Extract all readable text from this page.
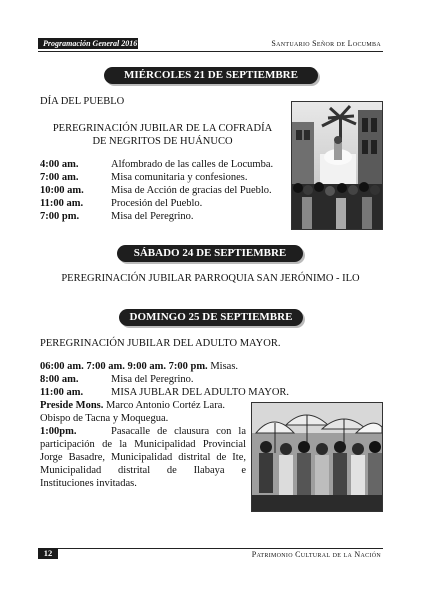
Programación General 2016	Santuario Señor de Locumba
MIÉRCOLES 21 DE SEPTIEMBRE
DÍA DEL PUEBLO
PEREGRINACIÓN JUBILAR DE LA COFRADÍA
DE NEGRITOS DE HUÁNUCO
4:00 am.	Alfombrado de las calles de Locumba.
7:00 am.	Misa comunitaria y confesiones.
10:00 am.	Misa de Acción de gracias del Pueblo.
11:00 am.	Procesión del Pueblo.
7:00 pm.	Misa del Peregrino.
SÁBADO 24 DE SEPTIEMBRE
PEREGRINACIÓN JUBILAR PARROQUIA SAN JERÓNIMO - ILO
DOMINGO 25 DE SEPTIEMBRE
PEREGRINACIÓN JUBILAR DEL ADULTO MAYOR.
06:00 am. 7:00 am. 9:00 am. 7:00 pm. Misas.
8:00 am.	Misa del Peregrino.
11:00 am.	MISA JUBLAR DEL ADULTO MAYOR.
Preside Mons. Marco Antonio Cortéz Lara.
Obispo de Tacna y Moquegua.
1:00pm.	Pasacalle de clausura con la
participación de la Municipalidad Provincial
Jorge Basadre, Municipalidad distrital de Ite,
Municipalidad distrital de Ilabaya e
Instituciones invitadas.
12	Patrimonio Cultural de la Nación
